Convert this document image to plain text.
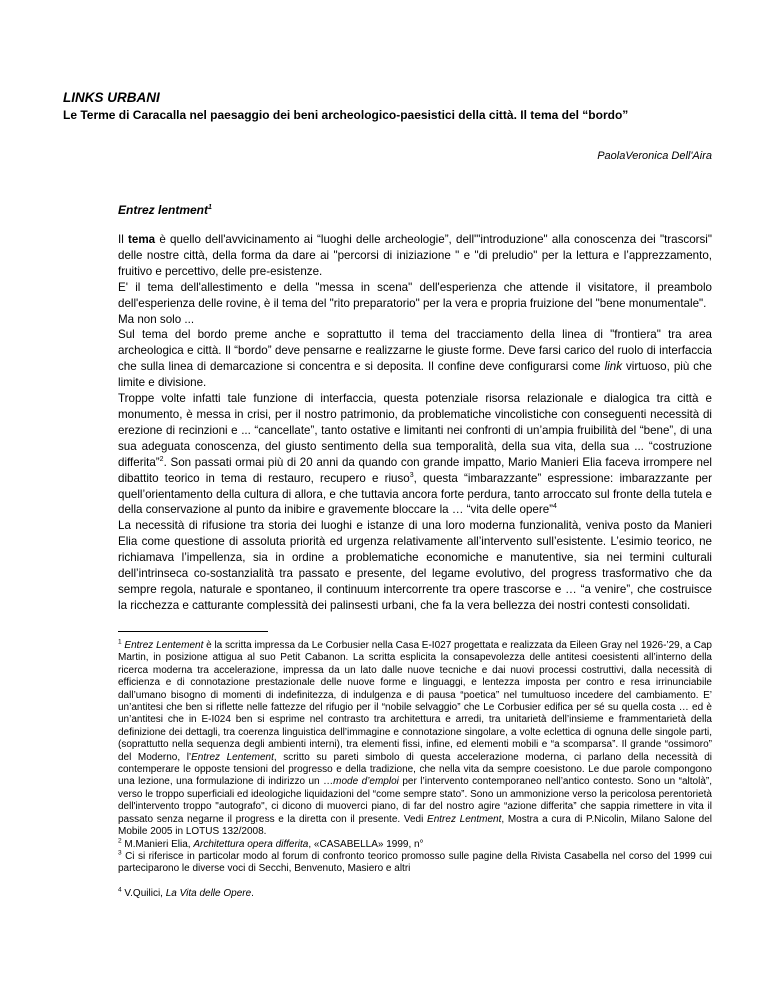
LINKS URBANI

Le Terme di Caracalla nel paesaggio dei beni archeologico-paesistici della città. Il tema del “bordo”

PaolaVeronica Dell'Aira

Entrez lentment$^1$

Il tema è quello dell'avvicinamento ai “luoghi delle archeologie”, dell'"introduzione" alla conoscenza dei "trascorsi" delle nostre città, della forma da dare ai "percorsi di iniziazione " e "di preludio" per la lettura e l’apprezzamento, fruitivo e percettivo, delle pre-esistenze.

E' il tema dell'allestimento e della "messa in scena" dell'esperienza che attende il visitatore, il preambolo dell'esperienza delle rovine, è il tema del "rito preparatorio" per la vera e propria fruizione del "bene monumentale".

Ma non solo ...

Sul tema del bordo preme anche e soprattutto il tema del tracciamento della linea di "frontiera" tra area archeologica e città. Il “bordo” deve pensarne e realizzarne le giuste forme. Deve farsi carico del ruolo di interfaccia che sulla linea di demarcazione si concentra e si deposita. Il confine deve configurarsi come link virtuoso, più che limite e divisione.

Troppe volte infatti tale funzione di interfaccia, questa potenziale risorsa relazionale e dialogica tra città e monumento, è messa in crisi, per il nostro patrimonio, da problematiche vincolistiche con conseguenti necessità di erezione di recinzioni e ... “cancellate”, tanto ostative e limitanti nei confronti di un’ampia fruibilità del “bene”, di una sua adeguata conoscenza, del giusto sentimento della sua temporalità, della sua vita, della sua ... “costruzione differita”$^2$. Son passati ormai più di 20 anni da quando con grande impatto, Mario Manieri Elia faceva irrompere nel dibattito teorico in tema di restauro, recupero e riuso$^3$, questa “imbarazzante” espressione: imbarazzante per quell’orientamento della cultura di allora, e che tuttavia ancora forte perdura, tanto arroccato sul fronte della tutela e della conservazione al punto da inibire e gravemente bloccare la … “vita delle opere”$^4$

La necessità di rifusione tra storia dei luoghi e istanze di una loro moderna funzionalità, veniva posto da Manieri Elia come questione di assoluta priorità ed urgenza relativamente all’intervento sull’esistente. L’esimio teorico, ne richiamava l’impellenza, sia in ordine a problematiche economiche e manutentive, sia nei termini culturali dell’intrinseca co-sostanzialità tra passato e presente, del legame evolutivo, del progress trasformativo che da sempre regola, naturale e spontaneo, il continuum intercorrente tra opere trascorse e … “a venire”, che costruisce la ricchezza e catturante complessità dei palinsesti urbani, che fa la vera bellezza dei nostri contesti consolidati.

$^1$ Entrez Lentement è la scritta impressa da Le Corbusier nella Casa E-I027 progettata e realizzata da Eileen Gray nel 1926-’29, a Cap Martin, in posizione attigua al suo Petit Cabanon. La scritta esplicita la consapevolezza delle antitesi coesistenti all’interno della ricerca moderna tra accelerazione, impressa da un lato dalle nuove tecniche e dai nuovi processi costruttivi, dalla necessità di efficienza e di connotazione prestazionale delle nuove forme e linguaggi, e lentezza imposta per contro e resa irrinunciabile dall’umano bisogno di momenti di indefinitezza, di indulgenza e di pausa “poetica” nel tumultuoso incedere del cambiamento. E’ un’antitesi che ben si riflette nelle fattezze del rifugio per il “nobile selvaggio” che Le Corbusier edifica per sé su quella costa … ed è un’antitesi che in E-I024 ben si esprime nel contrasto tra architettura e arredi, tra unitarietà dell’insieme e frammentarietà della definizione dei dettagli, tra coerenza linguistica dell’immagine e connotazione singolare, a volte eclettica di ognuna delle singole parti, (soprattutto nella sequenza degli ambienti interni), tra elementi fissi, infine, ed elementi mobili e “a scomparsa”. Il grande “ossimoro” del Moderno, l’Entrez Lentement, scritto su pareti simbolo di questa accelerazione moderna, ci parlano della necessità di contemperare le opposte tensioni del progresso e della tradizione, che nella vita da sempre coesistono. Le due parole compongono una lezione, una formulazione di indirizzo un …mode d’emploi per l’intervento contemporaneo nell’antico contesto. Sono un “altolà”, verso le troppo superficiali ed ideologiche liquidazioni del “come sempre stato”. Sono un ammonizione verso la pericolosa perentorietà dell'intervento troppo "autografo", ci dicono di muoverci piano, di far del nostro agire “azione differita” che sappia rimettere in vita il passato senza negarne il progress e la diretta con il presente. Vedi Entrez Lentment, Mostra a cura di P.Nicolin, Milano Salone del Mobile 2005 in LOTUS 132/2008.

$^2$ M.Manieri Elia, Architettura opera differita, «CASABELLA» 1999, n°

$^3$ Ci si riferisce in particolar modo al forum di confronto teorico promosso sulle pagine della Rivista Casabella nel corso del 1999 cui parteciparono le diverse voci di Secchi, Benvenuto, Masiero e altri

$^4$ V.Quilici, La Vita delle Opere.
